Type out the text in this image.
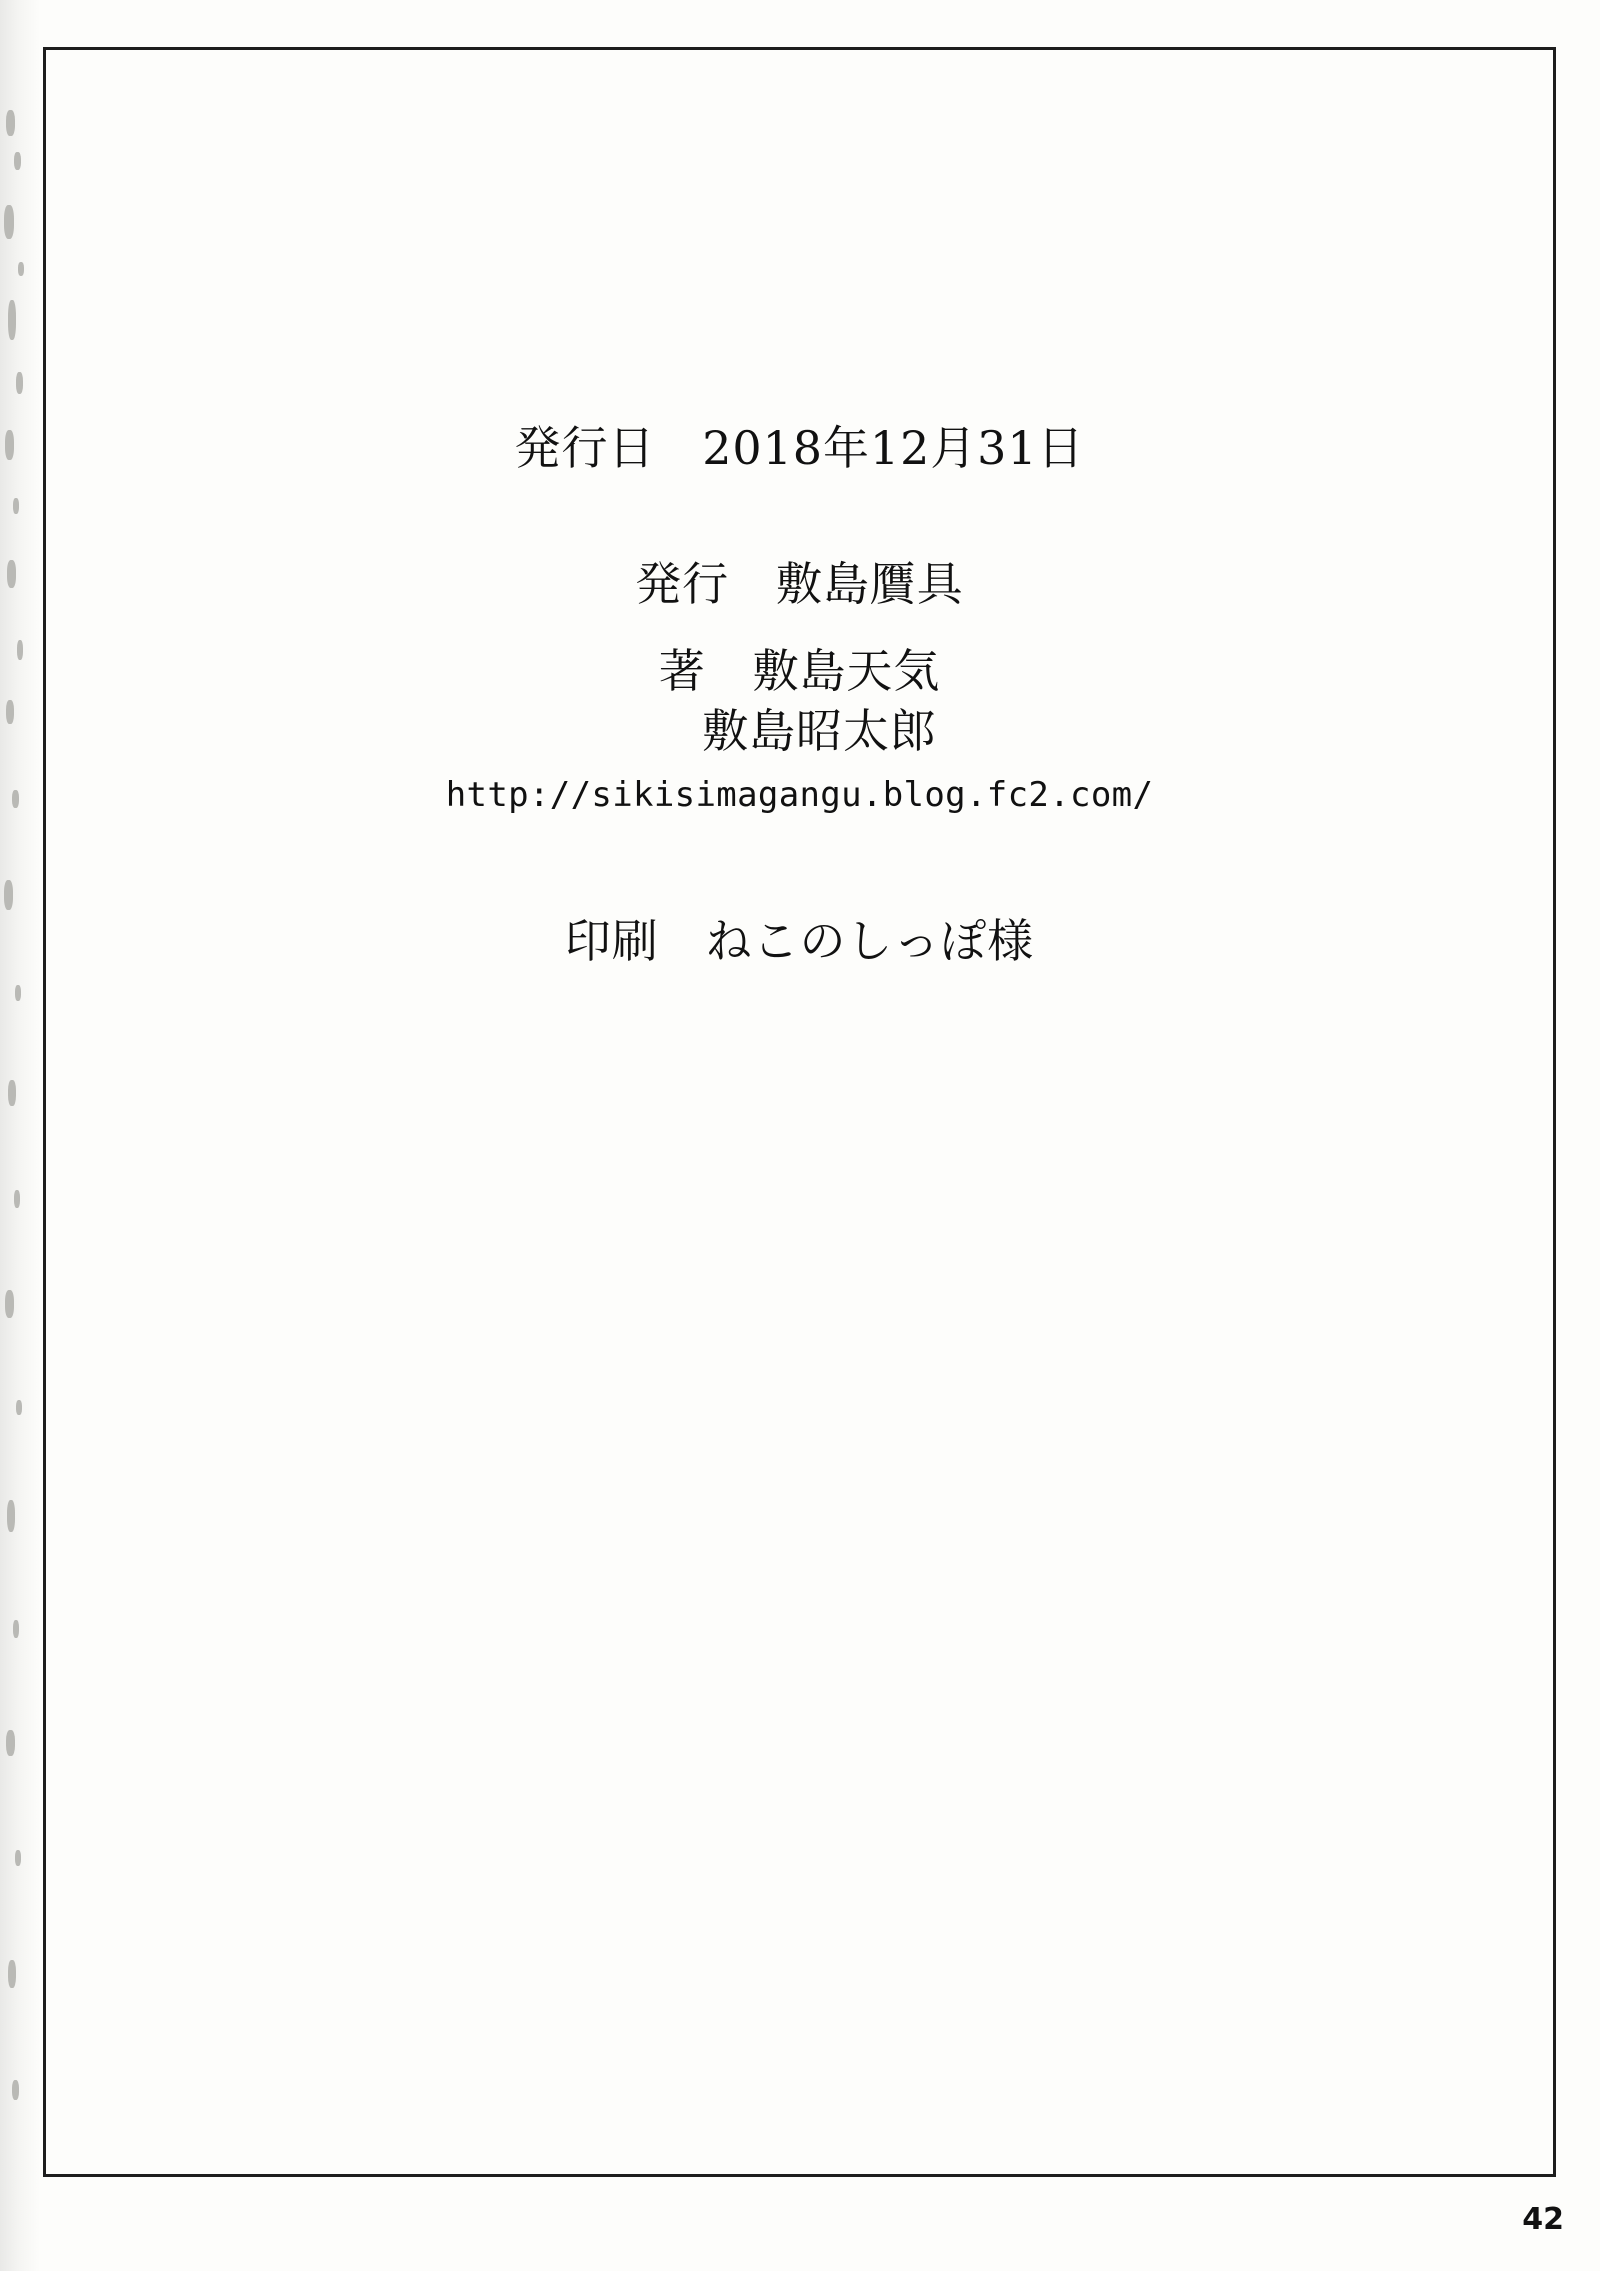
発行日　2018年12月31日
発行　敷島贋具
著　敷島天気
敷島昭太郎
http://sikisimagangu.blog.fc2.com/
印刷　ねこのしっぽ様
42
